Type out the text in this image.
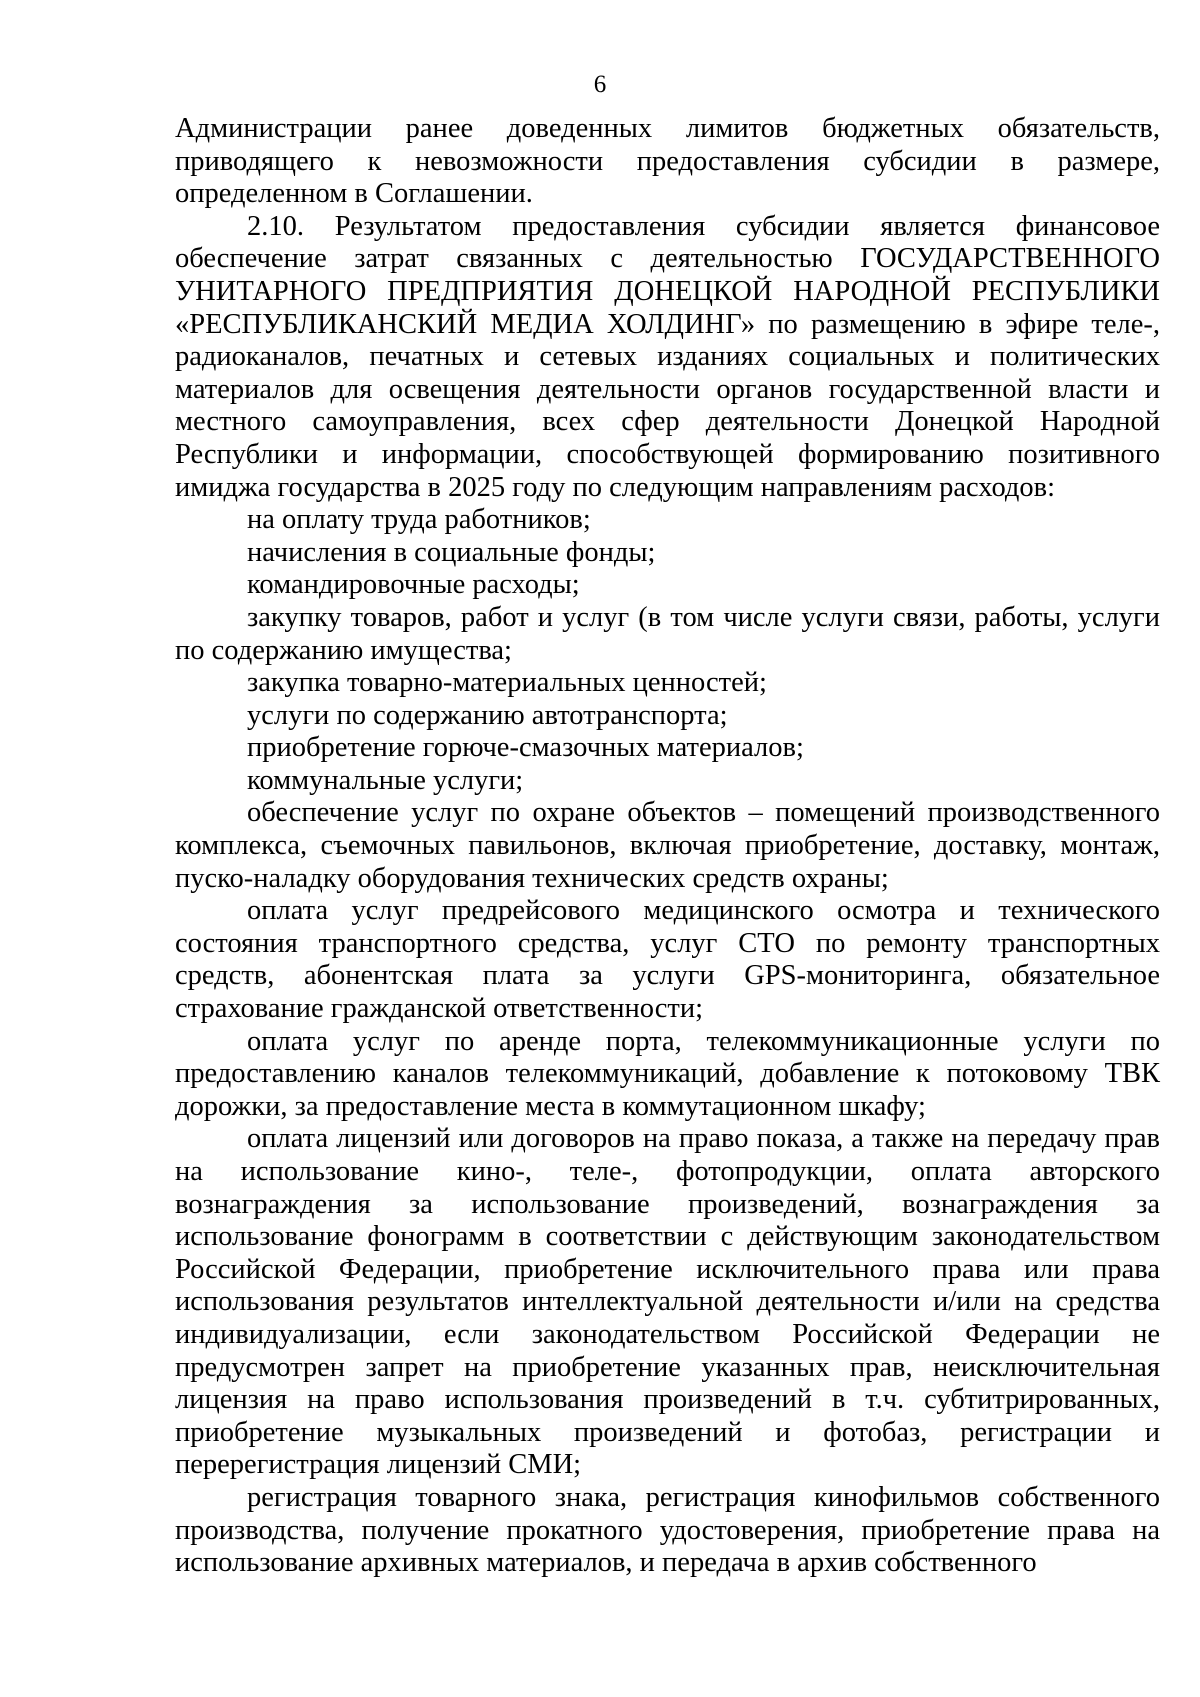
6

Администрации ранее доведенных лимитов бюджетных обязательств, приводящего к невозможности предоставления субсидии в размере, определенном в Соглашении.

2.10. Результатом предоставления субсидии является финансовое обеспечение затрат связанных с деятельностью ГОСУДАРСТВЕННОГО УНИТАРНОГО ПРЕДПРИЯТИЯ ДОНЕЦКОЙ НАРОДНОЙ РЕСПУБЛИКИ «РЕСПУБЛИКАНСКИЙ МЕДИА ХОЛДИНГ» по размещению в эфире теле-, радиоканалов, печатных и сетевых изданиях социальных и политических материалов для освещения деятельности органов государственной власти и местного самоуправления, всех сфер деятельности Донецкой Народной Республики и информации, способствующей формированию позитивного имиджа государства в 2025 году по следующим направлениям расходов:

на оплату труда работников;

начисления в социальные фонды;

командировочные расходы;

закупку товаров, работ и услуг (в том числе услуги связи, работы, услуги по содержанию имущества;

закупка товарно-материальных ценностей;

услуги по содержанию автотранспорта;

приобретение горюче-смазочных материалов;

коммунальные услуги;

обеспечение услуг по охране объектов – помещений производственного комплекса, съемочных павильонов, включая приобретение, доставку, монтаж, пуско-наладку оборудования технических средств охраны;

оплата услуг предрейсового медицинского осмотра и технического состояния транспортного средства, услуг СТО по ремонту транспортных средств, абонентская плата за услуги GPS-мониторинга, обязательное страхование гражданской ответственности;

оплата услуг по аренде порта, телекоммуникационные услуги по предоставлению каналов телекоммуникаций, добавление к потоковому ТВК дорожки, за предоставление места в коммутационном шкафу;

оплата лицензий или договоров на право показа, а также на передачу прав на использование кино-, теле-, фотопродукции, оплата авторского вознаграждения за использование произведений, вознаграждения за использование фонограмм в соответствии с действующим законодательством Российской Федерации, приобретение исключительного права или права использования результатов интеллектуальной деятельности и/или на средства индивидуализации, если законодательством Российской Федерации не предусмотрен запрет на приобретение указанных прав, неисключительная лицензия на право использования произведений в т.ч. субтитрированных, приобретение музыкальных произведений и фотобаз, регистрации и перерегистрация лицензий СМИ;

регистрация товарного знака, регистрация кинофильмов собственного производства, получение прокатного удостоверения, приобретение права на использование архивных материалов, и передача в архив собственного
